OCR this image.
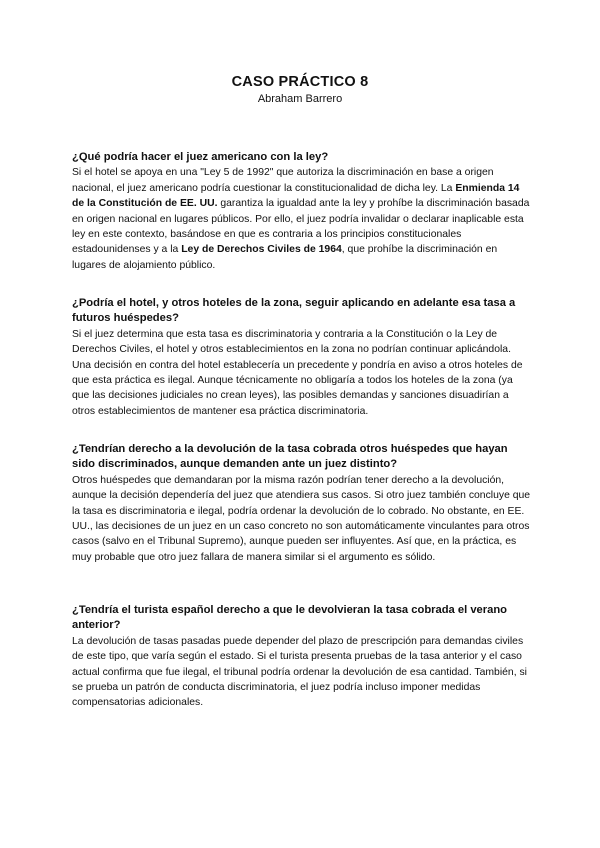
CASO PRÁCTICO 8
Abraham Barrero

¿Qué podría hacer el juez americano con la ley?

Si el hotel se apoya en una "Ley 5 de 1992" que autoriza la discriminación en base a origen nacional, el juez americano podría cuestionar la constitucionalidad de dicha ley. La Enmienda 14 de la Constitución de EE. UU. garantiza la igualdad ante la ley y prohíbe la discriminación basada en origen nacional en lugares públicos. Por ello, el juez podría invalidar o declarar inaplicable esta ley en este contexto, basándose en que es contraria a los principios constitucionales estadounidenses y a la Ley de Derechos Civiles de 1964, que prohíbe la discriminación en lugares de alojamiento público.

¿Podría el hotel, y otros hoteles de la zona, seguir aplicando en adelante esa tasa a futuros huéspedes?

Si el juez determina que esta tasa es discriminatoria y contraria a la Constitución o la Ley de Derechos Civiles, el hotel y otros establecimientos en la zona no podrían continuar aplicándola. Una decisión en contra del hotel establecería un precedente y pondría en aviso a otros hoteles de que esta práctica es ilegal. Aunque técnicamente no obligaría a todos los hoteles de la zona (ya que las decisiones judiciales no crean leyes), las posibles demandas y sanciones disuadirían a otros establecimientos de mantener esa práctica discriminatoria.

¿Tendrían derecho a la devolución de la tasa cobrada otros huéspedes que hayan sido discriminados, aunque demanden ante un juez distinto?

Otros huéspedes que demandaran por la misma razón podrían tener derecho a la devolución, aunque la decisión dependería del juez que atendiera sus casos. Si otro juez también concluye que la tasa es discriminatoria e ilegal, podría ordenar la devolución de lo cobrado. No obstante, en EE. UU., las decisiones de un juez en un caso concreto no son automáticamente vinculantes para otros casos (salvo en el Tribunal Supremo), aunque pueden ser influyentes. Así que, en la práctica, es muy probable que otro juez fallara de manera similar si el argumento es sólido.

¿Tendría el turista español derecho a que le devolvieran la tasa cobrada el verano anterior?

La devolución de tasas pasadas puede depender del plazo de prescripción para demandas civiles de este tipo, que varía según el estado. Si el turista presenta pruebas de la tasa anterior y el caso actual confirma que fue ilegal, el tribunal podría ordenar la devolución de esa cantidad. También, si se prueba un patrón de conducta discriminatoria, el juez podría incluso imponer medidas compensatorias adicionales.
